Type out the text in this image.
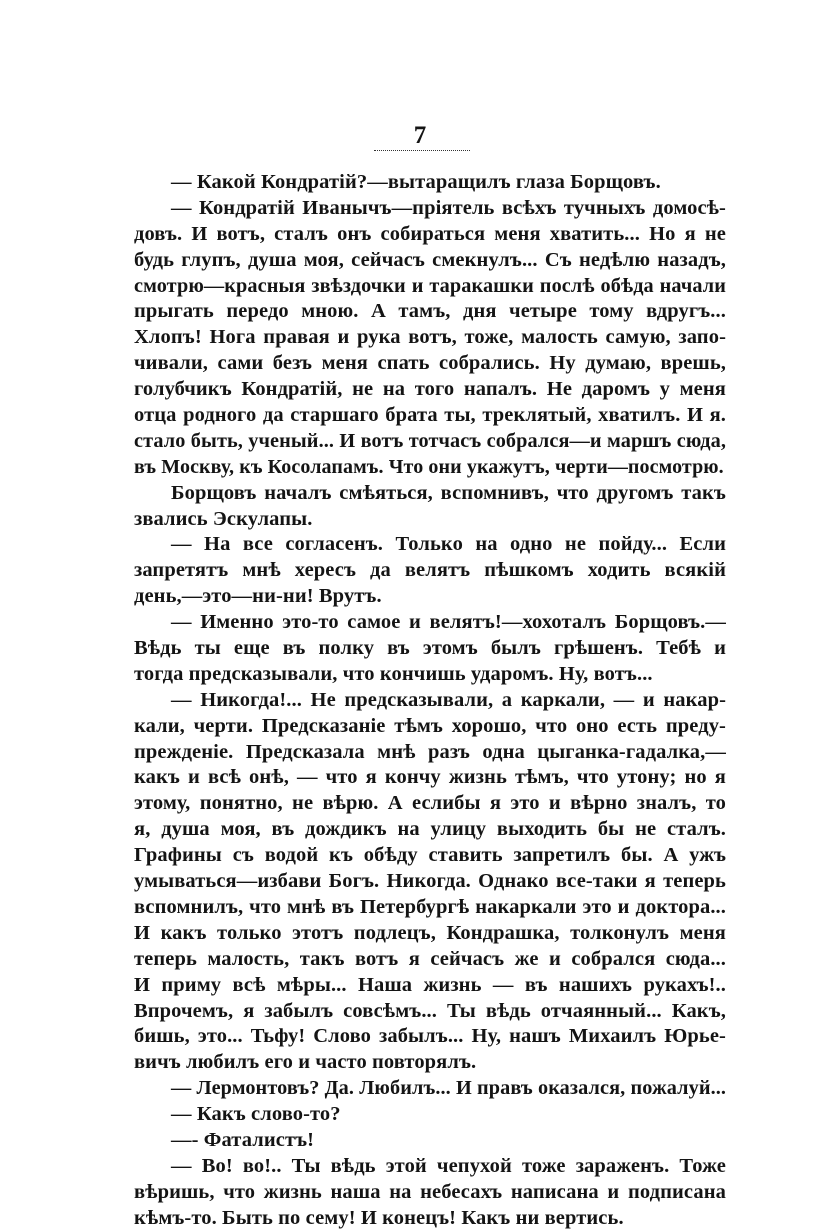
7
— Какой Кондратій?—вытаращилъ глаза Борщовъ.
— Кондратій Иванычъ—пріятель всѣхъ тучныхъ домосѣ-
довъ. И вотъ, сталъ онъ собираться меня хватить... Но я не
будь глупъ, душа моя, сейчасъ смекнулъ... Съ недѣлю назадъ,
смотрю—красныя звѣздочки и таракашки послѣ обѣда начали
прыгать передо мною. А тамъ, дня четыре тому вдругъ...
Хлопъ! Нога правая и рука вотъ, тоже, малость самую, запо-
чивали, сами безъ меня спать собрались. Ну думаю, врешь,
голубчикъ Кондратій, не на того напалъ. Не даромъ у меня
отца родного да старшаго брата ты, треклятый, хватилъ. И я.
стало быть, ученый... И вотъ тотчасъ собрался—и маршъ сюда,
въ Москву, къ Косолапамъ. Что они укажутъ, черти—посмотрю.
Борщовъ началъ смѣяться, вспомнивъ, что другомъ такъ
звались Эскулапы.
— На все согласенъ. Только на одно не пойду... Если
запретятъ мнѣ хересъ да велятъ пѣшкомъ ходить всякій
день,—это—ни-ни! Врутъ.
— Именно это-то самое и велятъ!—хохоталъ Борщовъ.—
Вѣдь ты еще въ полку въ этомъ былъ грѣшенъ. Тебѣ и
тогда предсказывали, что кончишь ударомъ. Ну, вотъ...
— Никогда!... Не предсказывали, а каркали, — и накар-
кали, черти. Предсказаніе тѣмъ хорошо, что оно есть преду-
прежденіе. Предсказала мнѣ разъ одна цыганка-гадалка,—
какъ и всѣ онѣ, — что я кончу жизнь тѣмъ, что утону; но я
этому, понятно, не вѣрю. А еслибы я это и вѣрно зналъ, то
я, душа моя, въ дождикъ на улицу выходить бы не сталъ.
Графины съ водой къ обѣду ставить запретилъ бы. А ужъ
умываться—избави Богъ. Никогда. Однако все-таки я теперь
вспомнилъ, что мнѣ въ Петербургѣ накаркали это и доктора...
И какъ только этотъ подлецъ, Кондрашка, толконулъ меня
теперь малость, такъ вотъ я сейчасъ же и собрался сюда...
И приму всѣ мѣры... Наша жизнь — въ нашихъ рукахъ!..
Впрочемъ, я забылъ совсѣмъ... Ты вѣдь отчаянный... Какъ,
бишь, это... Тьфу! Слово забылъ... Ну, нашъ Михаилъ Юрье-
вичъ любилъ его и часто повторялъ.
— Лермонтовъ? Да. Любилъ... И правъ оказался, пожалуй...
— Какъ слово-то?
—- Фаталистъ!
— Во! во!.. Ты вѣдь этой чепухой тоже зараженъ. Тоже
вѣришь, что жизнь наша на небесахъ написана и подписана
кѣмъ-то. Быть по сему! И конецъ! Какъ ни вертись.
